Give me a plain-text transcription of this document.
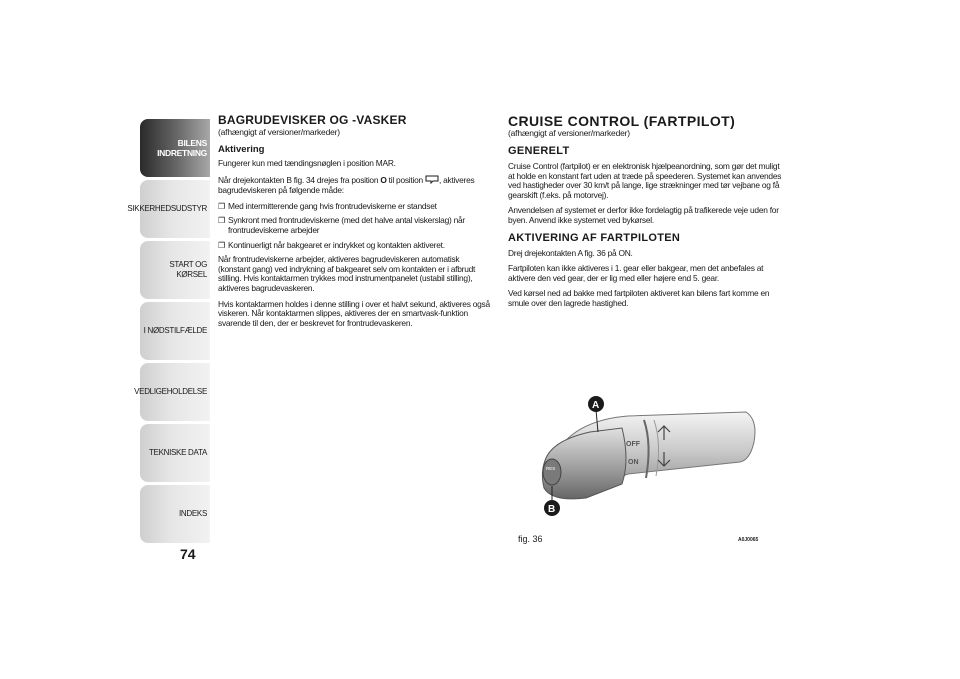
BILENS
INDRETNING
SIKKERHEDSUDSTYR
START OG KØRSEL
I NØDSTILFÆLDE
VEDLIGEHOLDELSE
TEKNISKE DATA
INDEKS
74
BAGRUDEVISKER OG -VASKER
(afhængigt af versioner/markeder)
Aktivering

Fungerer kun med tændingsnøglen i position MAR.

Når drejekontakten B fig. 34 drejes fra position O til position , aktiveres bagrudeviskeren på følgende måde:

❐ Med intermitterende gang hvis frontrudeviskerne er standset
❐ Synkront med frontrudeviskerne (med det halve antal viskerslag) når frontrudeviskerne arbejder
❐ Kontinuerligt når bakgearet er indrykket og kontakten aktiveret.

Når frontrudeviskerne arbejder, aktiveres bagrudeviskeren automatisk (konstant gang) ved indrykning af bakgearet selv om kontakten er i afbrudt stilling. Hvis kontaktarmen trykkes mod instrumentpanelet (ustabil stilling), aktiveres bagrudevaskeren.

Hvis kontaktarmen holdes i denne stilling i over et halvt sekund, aktiveres også viskeren. Når kontaktarmen slippes, aktiveres der en smartvask-funktion svarende til den, der er beskrevet for frontrudevaskeren.

CRUISE CONTROL (FARTPILOT)
(afhængigt af versioner/markeder)
GENERELT

Cruise Control (fartpilot) er en elektronisk hjælpeanordning, som gør det muligt at holde en konstant fart uden at træde på speederen. Systemet kan anvendes ved hastigheder over 30 km/t på lange, lige strækninger med tør vejbane og få gearskift (f.eks. på motorvej).

Anvendelsen af systemet er derfor ikke fordelagtig på trafikerede veje uden for byen. Anvend ikke systemet ved bykørsel.

AKTIVERING AF FARTPILOTEN

Drej drejekontakten A fig. 36 på ON.

Fartpiloten kan ikke aktiveres i 1. gear eller bakgear, men det anbefales at aktivere den ved gear, der er lig med eller højere end 5. gear.

Ved kørsel ned ad bakke med fartpiloten aktiveret kan bilens fart komme en smule over den lagrede hastighed.

RES
OFF
ON
A
B
fig. 36	A0J0065
